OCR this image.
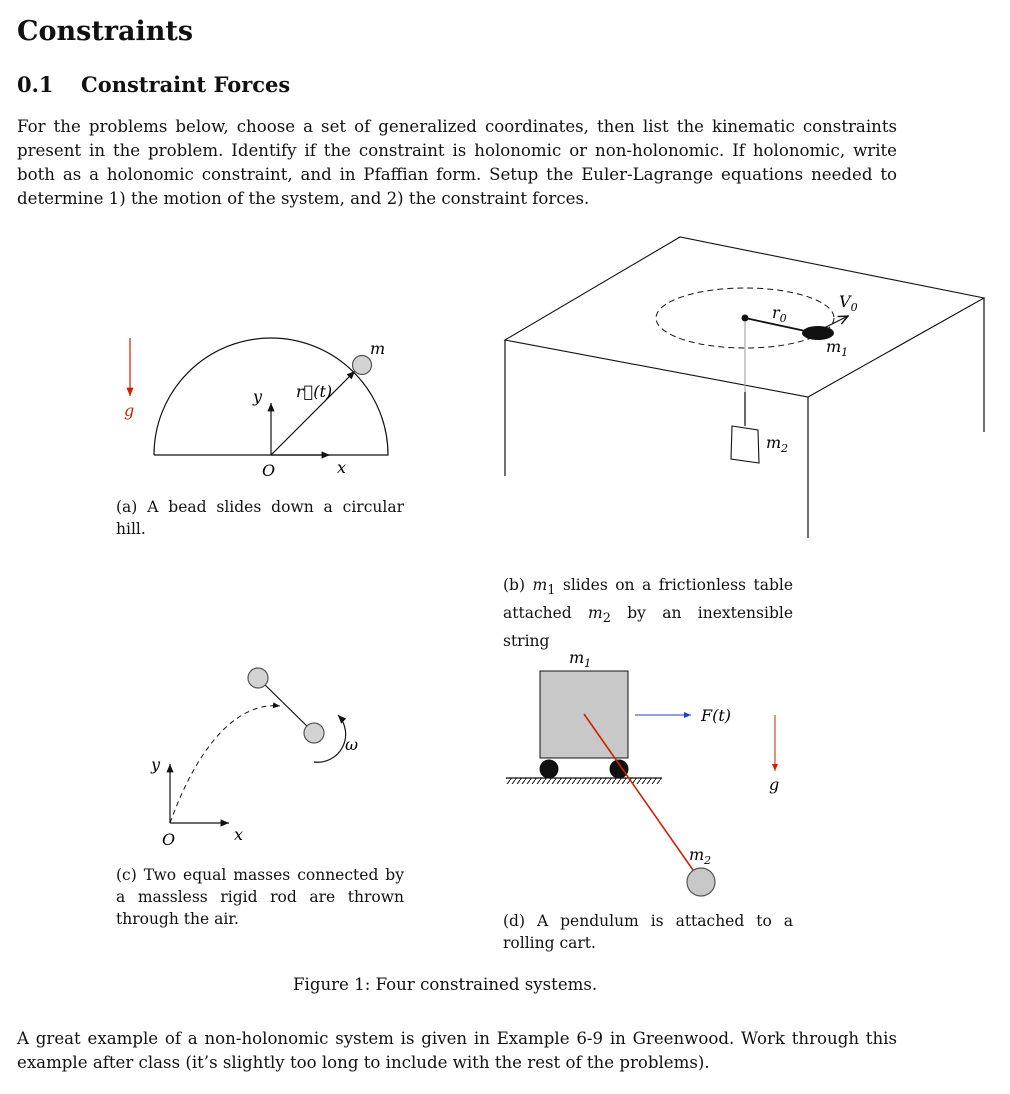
Constraints
0.1 Constraint Forces

For the problems below, choose a set of generalized coordinates, then list the kinematic constraints present in the problem. Identify if the constraint is holonomic or non-holonomic. If holonomic, write both as a holonomic constraint, and in Pfaffian form. Setup the Euler-Lagrange equations needed to determine 1) the motion of the system, and 2) the constraint forces.

g
m
y r⃗(t)
O	x

(a) A bead slides down a circular hill.

$r_0$
$V_0$
$m_1$
$m_2$

(b) $m_1$ slides on a frictionless table attached $m_2$ by an inextensible string

y
O	x
ω

(c) Two equal masses connected by a massless rigid rod are thrown through the air.

$m_1$
F(t)
g
$m_2$

(d) A pendulum is attached to a rolling cart.

Figure 1: Four constrained systems.

A great example of a non-holonomic system is given in Example 6-9 in Greenwood. Work through this example after class (it’s slightly too long to include with the rest of the problems).
